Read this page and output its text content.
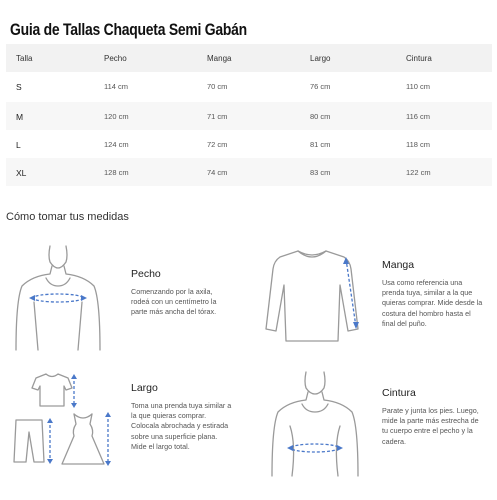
Guia de Tallas Chaqueta Semi Gabán
Talla	Pecho	Manga	Largo	Cintura
S	114 cm	70 cm	76 cm	110 cm
M	120 cm	71 cm	80 cm	116 cm
L	124 cm	72 cm	81 cm	118 cm
XL	128 cm	74 cm	83 cm	122 cm
Cómo tomar tus medidas
Pecho
Comenzando por la axila,
rodeá con un centímetro la
parte más ancha del tórax.
Manga
Usa como referencia una
prenda tuya, similar a la que
quieras comprar. Mide desde la
costura del hombro hasta el
final del puño.
Largo
Toma una prenda tuya similar a
la que quieras comprar.
Colocala abrochada y estirada
sobre una superficie plana.
Mide el largo total.
Cintura
Parate y junta los pies. Luego,
mide la parte más estrecha de
tu cuerpo entre el pecho y la
cadera.
